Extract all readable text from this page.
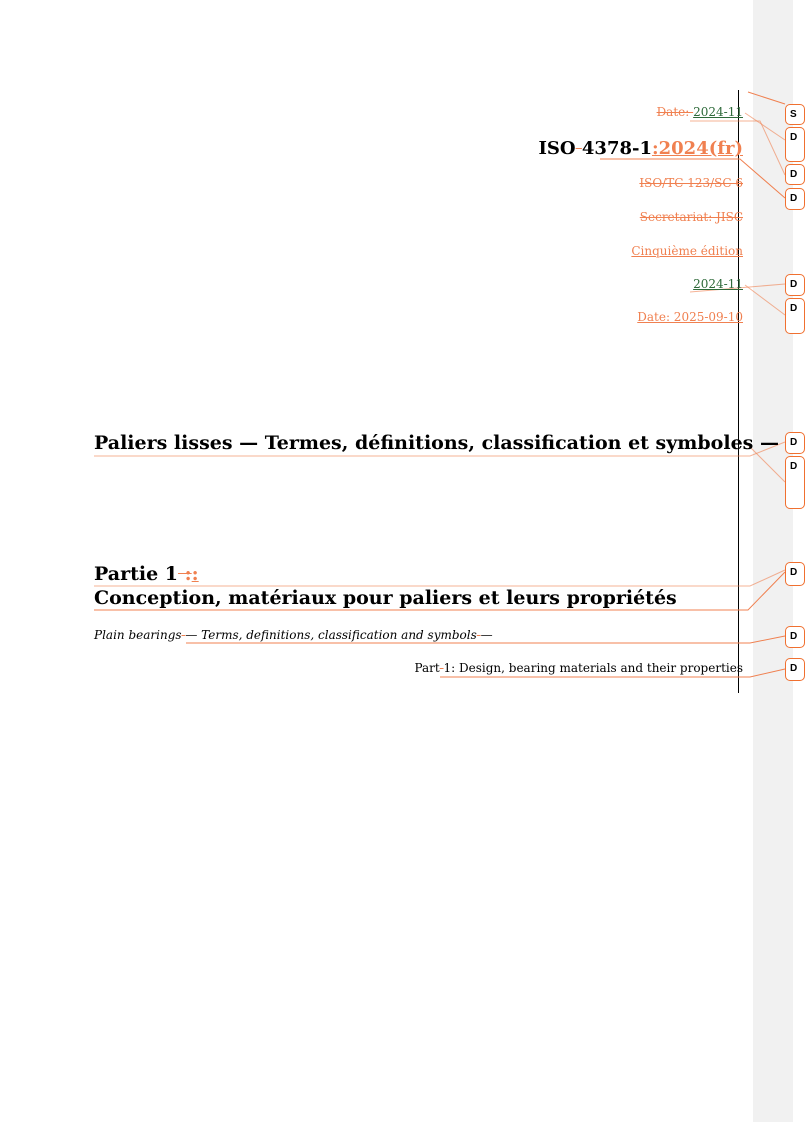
Date: 2024-11
ISO 4378-1:2024(fr)
ISO/TC 123/SC 6
Secretariat: JISC
Cinquième édition
2024-11
Date: 2025-09-10
Paliers lisses — Termes, définitions, classification et symboles —
Partie 1 ::
Conception, matériaux pour paliers et leurs propriétés
Plain bearings — Terms, definitions, classification and symbols —
Part 1: Design, bearing materials and their properties
S
D
D
D
D
D
D
D
D
D
D
